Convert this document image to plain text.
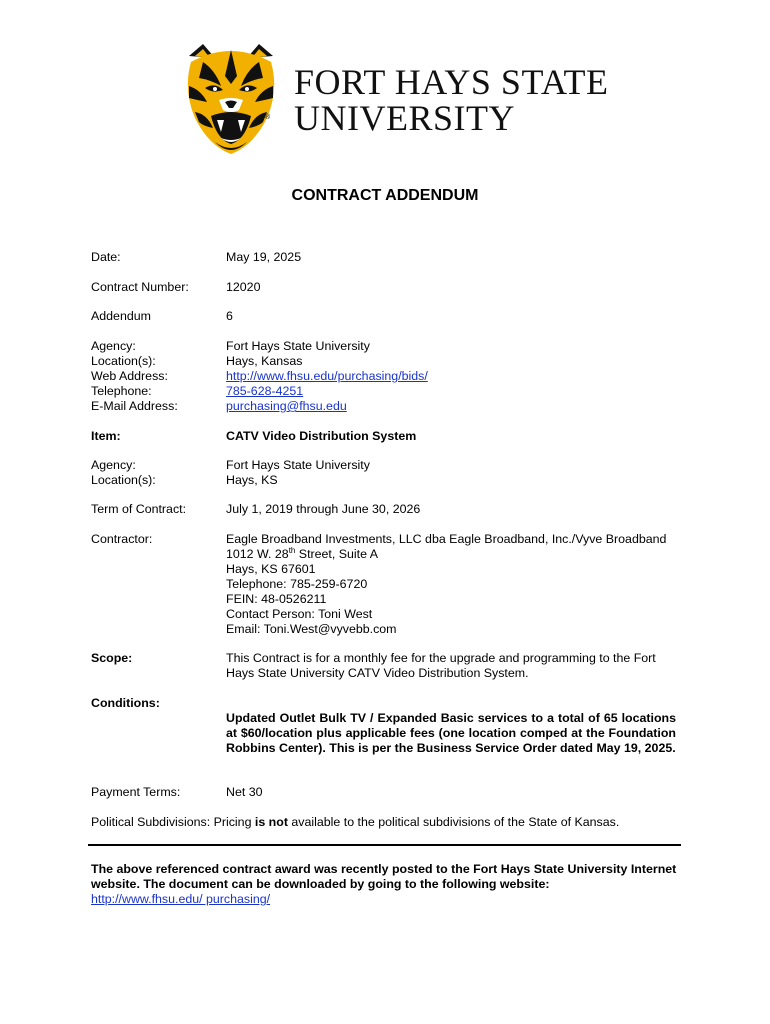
®
FORT HAYS STATE
UNIVERSITY
CONTRACT ADDENDUM
Date:	May 19, 2025
Contract Number:	12020
Addendum	6
Agency:	Fort Hays State University
Location(s):	Hays, Kansas
Web Address:	http://www.fhsu.edu/purchasing/bids/
Telephone:	785-628-4251
E-Mail Address:	purchasing@fhsu.edu
Item:	CATV Video Distribution System
Agency:	Fort Hays State University
Location(s):	Hays, KS
Term of Contract:	July 1, 2019 through June 30, 2026
Contractor:	Eagle Broadband Investments, LLC dba Eagle Broadband, Inc./Vyve Broadband
1012 W. 28th Street, Suite A
Hays, KS 67601
Telephone: 785-259-6720
FEIN: 48-0526211
Contact Person: Toni West
Email: Toni.West@vyvebb.com
Scope:	This Contract is for a monthly fee for the upgrade and programming to the Fort Hays State University CATV Video Distribution System.
Conditions:
Updated Outlet Bulk TV / Expanded Basic services to a total of 65 locations at $60/location plus applicable fees (one location comped at the Foundation Robbins Center). This is per the Business Service Order dated May 19, 2025.
Payment Terms:	Net 30
Political Subdivisions: Pricing is not available to the political subdivisions of the State of Kansas.
The above referenced contract award was recently posted to the Fort Hays State University Internet website. The document can be downloaded by going to the following website:
http://www.fhsu.edu/ purchasing/
